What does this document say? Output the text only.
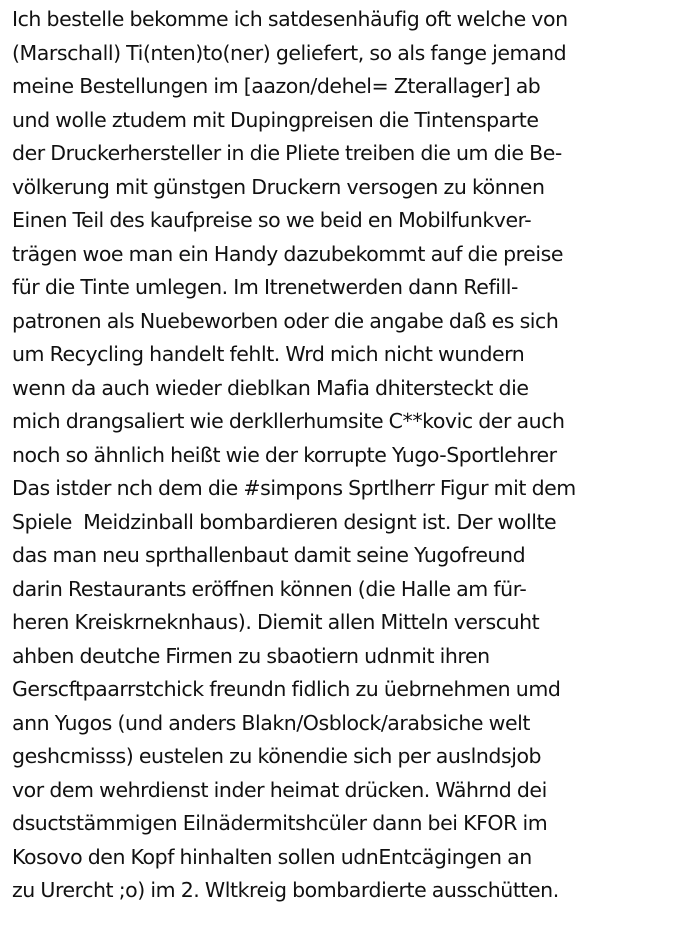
Ich bestelle bekomme ich satdesenhäufig oft welche von
(Marschall) Ti(nten)to(ner) geliefert, so als fange jemand
meine Bestellungen im [aazon/dehel= Zterallager] ab
und wolle ztudem mit Dupingpreisen die Tintensparte
der Druckerhersteller in die Pliete treiben die um die Be-
völkerung mit günstgen Druckern versogen zu können
Einen Teil des kaufpreise so we beid en Mobilfunkver-
trägen woe man ein Handy dazubekommt auf die preise
für die Tinte umlegen. Im Itrenetwerden dann Refill-
patronen als Nuebeworben oder die angabe daß es sich
um Recycling handelt fehlt. Wrd mich nicht wundern
wenn da auch wieder dieblkan Mafia dhitersteckt die
mich drangsaliert wie derkllerhumsite C**kovic der auch
noch so ähnlich heißt wie der korrupte Yugo-Sportlehrer
Das istder nch dem die #simpons Sprtlherr Figur mit dem
Spiele  Meidzinball bombardieren designt ist. Der wollte
das man neu sprthallenbaut damit seine Yugofreund
darin Restaurants eröffnen können (die Halle am für-
heren Kreiskrneknhaus). Diemit allen Mitteln verscuht
ahben deutche Firmen zu sbaotiern udnmit ihren
Gerscftpaarrstchick freundn fidlich zu üebrnehmen umd
ann Yugos (und anders Blakn/Osblock/arabsiche welt
geshcmisss) eustelen zu könendie sich per auslndsjob
vor dem wehrdienst inder heimat drücken. Währnd dei
dsuctstämmigen Eilnädermitshcüler dann bei KFOR im
Kosovo den Kopf hinhalten sollen udnEntcägingen an
zu Urercht ;o) im 2. Wltkreig bombardierte ausschütten.
